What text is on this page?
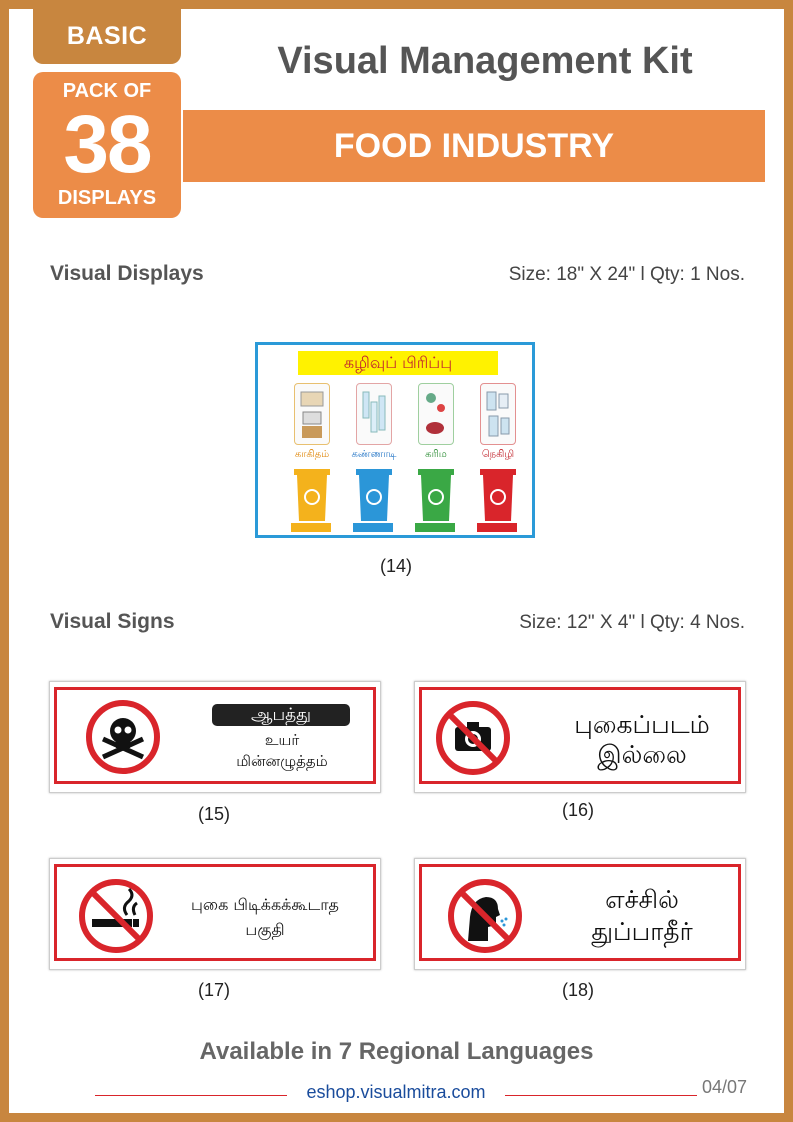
BASIC
PACK OF
38
DISPLAYS
Visual Management Kit
FOOD INDUSTRY
Visual Displays	Size: 18" X 24" l Qty: 1 Nos.
கழிவுப் பிரிப்பு
காகிதம்	கண்ணாடி	கரிம	நெகிழி
(14)
Visual Signs	Size: 12" X 4" l Qty: 4 Nos.
ஆபத்து
உயர்
மின்னழுத்தம்
(15)
புகைப்படம்
இல்லை
(16)
புகை பிடிக்கக்கூடாத
பகுதி
(17)
எச்சில்
துப்பாதீர்
(18)
Available in 7 Regional Languages
eshop.visualmitra.com	04/07
